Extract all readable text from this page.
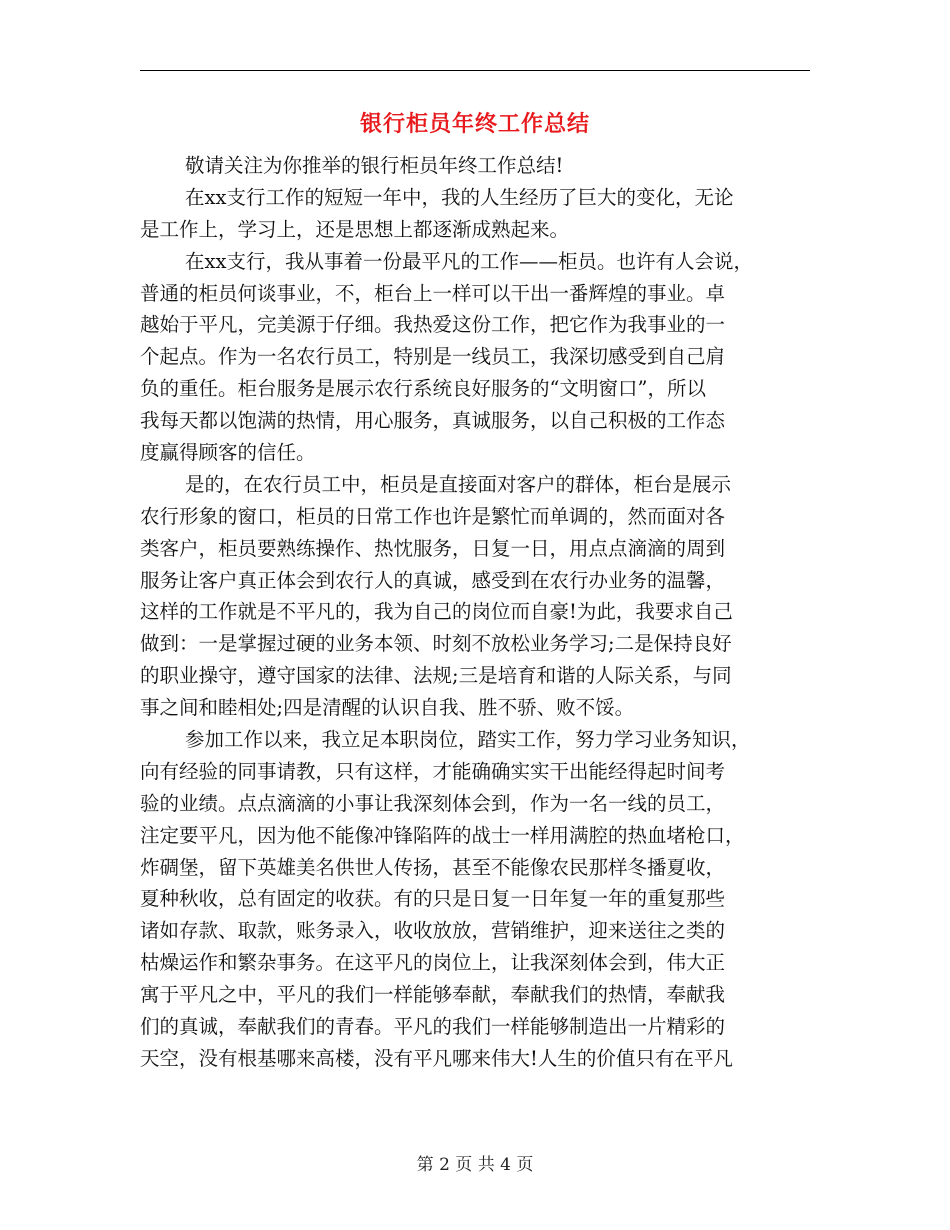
银行柜员年终工作总结
敬请关注为你推举的银行柜员年终工作总结!
在xx支行工作的短短一年中，我的人生经历了巨大的变化，无论
是工作上，学习上，还是思想上都逐渐成熟起来。
在xx支行，我从事着一份最平凡的工作——柜员。也许有人会说，
普通的柜员何谈事业，不，柜台上一样可以干出一番辉煌的事业。卓
越始于平凡，完美源于仔细。我热爱这份工作，把它作为我事业的一
个起点。作为一名农行员工，特别是一线员工，我深切感受到自己肩
负的重任。柜台服务是展示农行系统良好服务的“文明窗口”，所以
我每天都以饱满的热情，用心服务，真诚服务，以自己积极的工作态
度赢得顾客的信任。
是的，在农行员工中，柜员是直接面对客户的群体，柜台是展示
农行形象的窗口，柜员的日常工作也许是繁忙而单调的，然而面对各
类客户，柜员要熟练操作、热忱服务，日复一日，用点点滴滴的周到
服务让客户真正体会到农行人的真诚，感受到在农行办业务的温馨，
这样的工作就是不平凡的，我为自己的岗位而自豪!为此，我要求自己
做到：一是掌握过硬的业务本领、时刻不放松业务学习;二是保持良好
的职业操守，遵守国家的法律、法规;三是培育和谐的人际关系，与同
事之间和睦相处;四是清醒的认识自我、胜不骄、败不馁。
参加工作以来，我立足本职岗位，踏实工作，努力学习业务知识，
向有经验的同事请教，只有这样，才能确确实实干出能经得起时间考
验的业绩。点点滴滴的小事让我深刻体会到，作为一名一线的员工，
注定要平凡，因为他不能像冲锋陷阵的战士一样用满腔的热血堵枪口，
炸碉堡，留下英雄美名供世人传扬，甚至不能像农民那样冬播夏收，
夏种秋收，总有固定的收获。有的只是日复一日年复一年的重复那些
诸如存款、取款，账务录入，收收放放，营销维护，迎来送往之类的
枯燥运作和繁杂事务。在这平凡的岗位上，让我深刻体会到，伟大正
寓于平凡之中，平凡的我们一样能够奉献，奉献我们的热情，奉献我
们的真诚，奉献我们的青春。平凡的我们一样能够制造出一片精彩的
天空，没有根基哪来高楼，没有平凡哪来伟大!人生的价值只有在平凡
第 2 页 共 4 页
